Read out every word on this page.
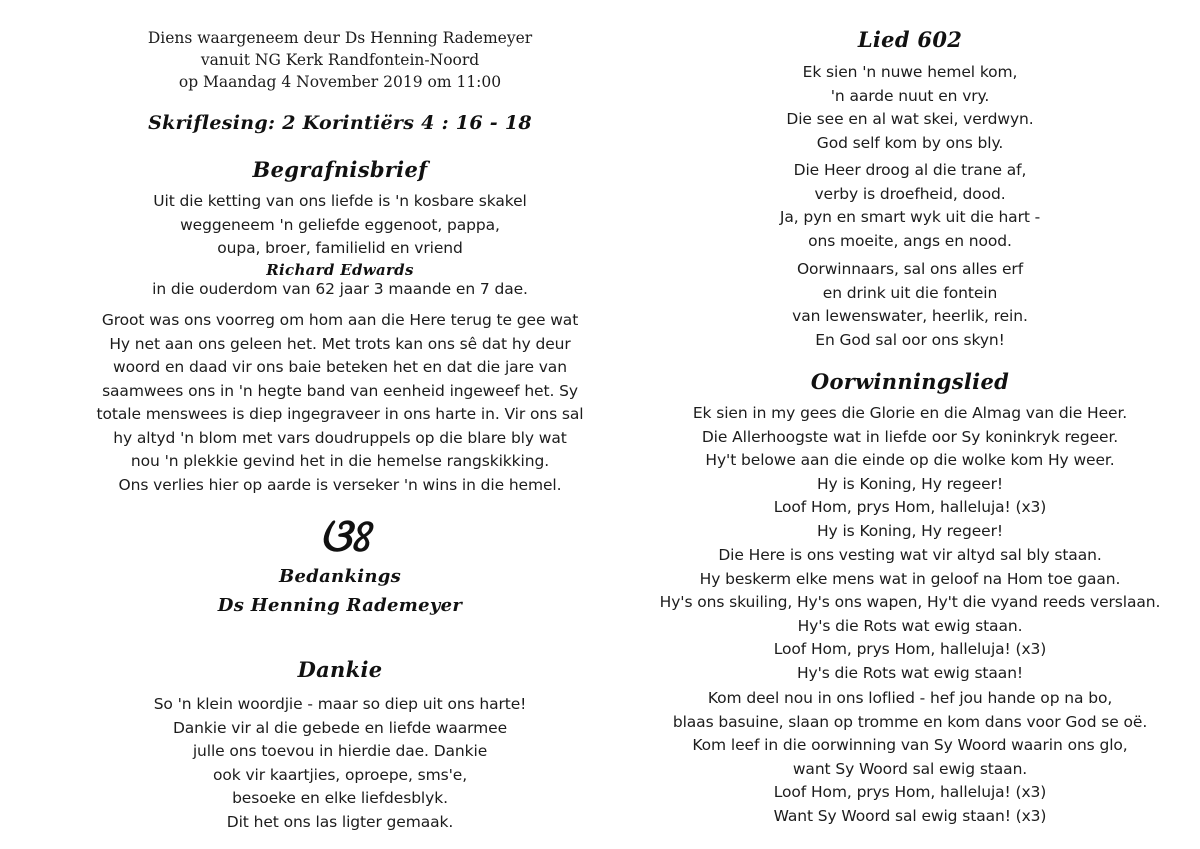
Diens waargeneem deur Ds Henning Rademeyer
vanuit NG Kerk Randfontein-Noord
op Maandag 4 November 2019 om 11:00
Skriflesing: 2 Korintiërs 4 : 16 - 18
Begrafnisbrief
Uit die ketting van ons liefde is 'n kosbare skakel
weggeneem 'n geliefde eggenoot, pappa,
oupa, broer, familielid en vriend
Richard Edwards
in die ouderdom van 62 jaar 3 maande en 7 dae.
Groot was ons voorreg om hom aan die Here terug te gee wat
Hy net aan ons geleen het. Met trots kan ons sê dat hy deur
woord en daad vir ons baie beteken het en dat die jare van
saamwees ons in 'n hegte band van eenheid ingeweef het. Sy
totale menswees is diep ingegraveer in ons harte in. Vir ons sal
hy altyd 'n blom met vars doudruppels op die blare bly wat
nou 'n plekkie gevind het in die hemelse rangskikking.
Ons verlies hier op aarde is verseker 'n wins in die hemel.
ଓଃ
Bedankings
Ds Henning Rademeyer
Dankie
So 'n klein woordjie - maar so diep uit ons harte!
Dankie vir al die gebede en liefde waarmee
julle ons toevou in hierdie dae. Dankie
ook vir kaartjies, oproepe, sms'e,
besoeke en elke liefdesblyk.
Dit het ons las ligter gemaak.
Lied 602
Ek sien 'n nuwe hemel kom,
'n aarde nuut en vry.
Die see en al wat skei, verdwyn.
God self kom by ons bly.
Die Heer droog al die trane af,
verby is droefheid, dood.
Ja, pyn en smart wyk uit die hart -
ons moeite, angs en nood.
Oorwinnaars, sal ons alles erf
en drink uit die fontein
van lewenswater, heerlik, rein.
En God sal oor ons skyn!
Oorwinningslied
Ek sien in my gees die Glorie en die Almag van die Heer.
Die Allerhoogste wat in liefde oor Sy koninkryk regeer.
Hy't belowe aan die einde op die wolke kom Hy weer.
Hy is Koning, Hy regeer!
Loof Hom, prys Hom, halleluja! (x3)
Hy is Koning, Hy regeer!
Die Here is ons vesting wat vir altyd sal bly staan.
Hy beskerm elke mens wat in geloof na Hom toe gaan.
Hy's ons skuiling, Hy's ons wapen, Hy't die vyand reeds verslaan.
Hy's die Rots wat ewig staan.
Loof Hom, prys Hom, halleluja! (x3)
Hy's die Rots wat ewig staan!
Kom deel nou in ons loflied - hef jou hande op na bo,
blaas basuine, slaan op tromme en kom dans voor God se oë.
Kom leef in die oorwinning van Sy Woord waarin ons glo,
want Sy Woord sal ewig staan.
Loof Hom, prys Hom, halleluja! (x3)
Want Sy Woord sal ewig staan! (x3)
